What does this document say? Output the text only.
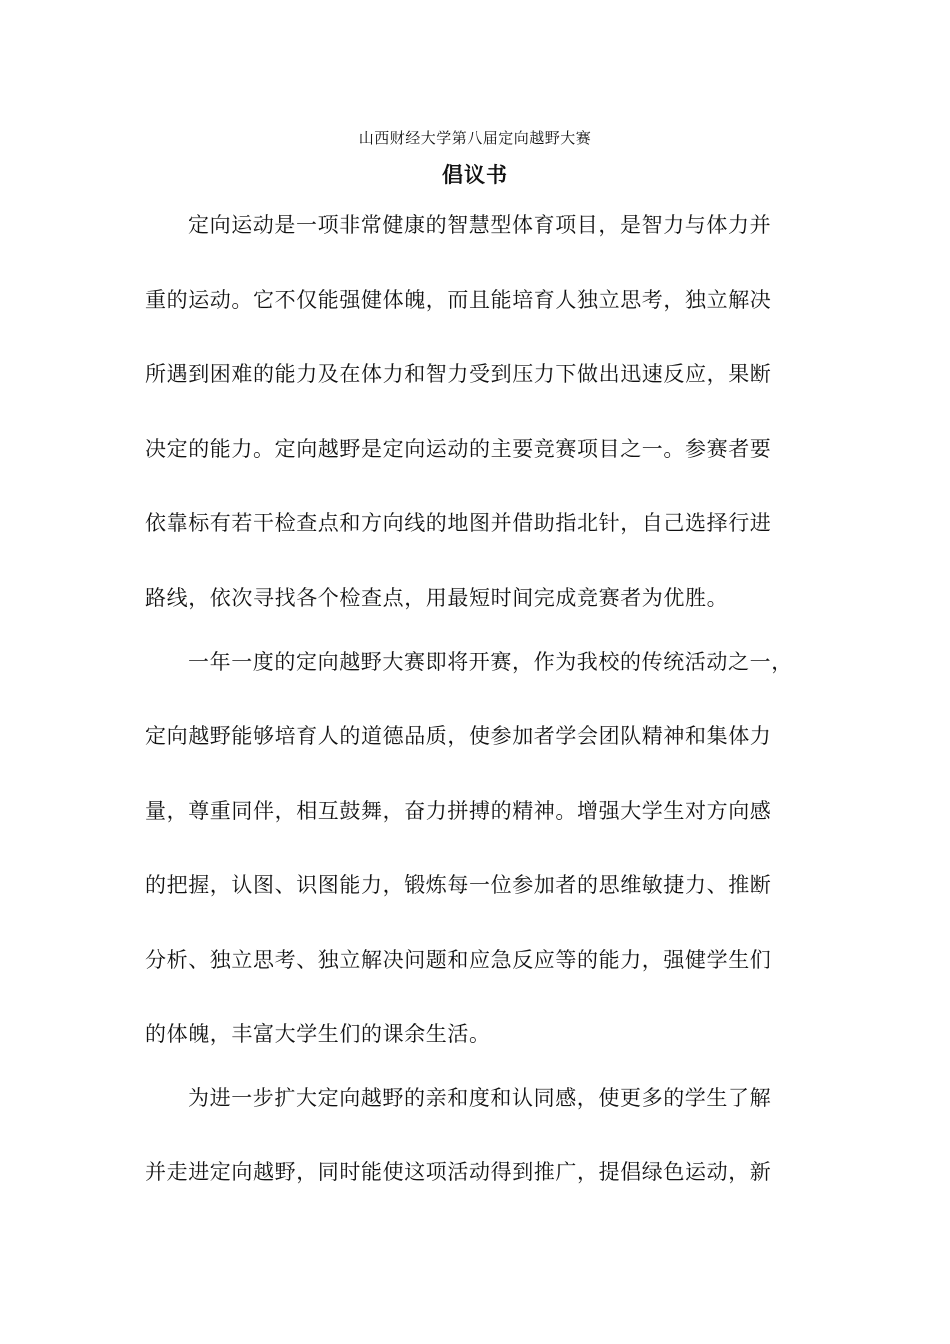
山西财经大学第八届定向越野大赛
倡议书
定向运动是一项非常健康的智慧型体育项目，是智力与体力并
重的运动。它不仅能强健体魄，而且能培育人独立思考，独立解决
所遇到困难的能力及在体力和智力受到压力下做出迅速反应，果断
决定的能力。定向越野是定向运动的主要竞赛项目之一。参赛者要
依靠标有若干检查点和方向线的地图并借助指北针，自己选择行进
路线，依次寻找各个检查点，用最短时间完成竞赛者为优胜。
一年一度的定向越野大赛即将开赛，作为我校的传统活动之一，
定向越野能够培育人的道德品质，使参加者学会团队精神和集体力
量，尊重同伴，相互鼓舞，奋力拼搏的精神。增强大学生对方向感
的把握，认图、识图能力，锻炼每一位参加者的思维敏捷力、推断
分析、独立思考、独立解决问题和应急反应等的能力，强健学生们
的体魄，丰富大学生们的课余生活。
为进一步扩大定向越野的亲和度和认同感，使更多的学生了解
并走进定向越野，同时能使这项活动得到推广，提倡绿色运动，新
